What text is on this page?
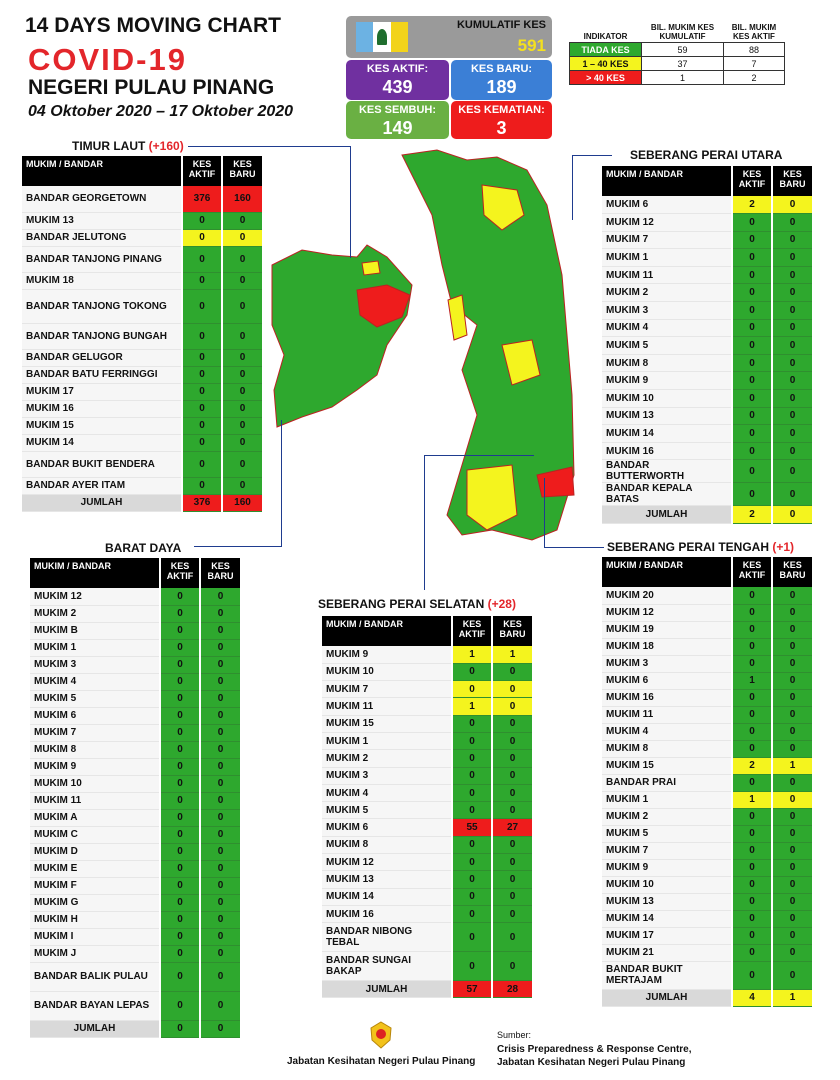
14 DAYS MOVING CHART
COVID-19
NEGERI PULAU PINANG
04 Oktober 2020 – 17 Oktober 2020
KUMULATIF KES
591
KES AKTIF:
439
KES BARU:
189
KES SEMBUH:
149
KES KEMATIAN:
3
INDIKATOR	BIL. MUKIM KES KUMULATIF	BIL. MUKIM KES AKTIF
TIADA KES	59	88
1 – 40 KES	37	7
> 40 KES	1	2
TIMUR LAUT (+160)
SEBERANG PERAI UTARA
BARAT DAYA
SEBERANG PERAI SELATAN (+28)
SEBERANG PERAI TENGAH (+1)
MUKIM / BANDAR	KES AKTIF	KES BARU
BANDAR GEORGETOWN	376	160
MUKIM 13	0	0
BANDAR JELUTONG	0	0
BANDAR TANJONG PINANG	0	0
MUKIM 18	0	0
BANDAR TANJONG TOKONG	0	0
BANDAR TANJONG BUNGAH	0	0
BANDAR GELUGOR	0	0
BANDAR BATU FERRINGGI	0	0
MUKIM 17	0	0
MUKIM 16	0	0
MUKIM 15	0	0
MUKIM 14	0	0
BANDAR BUKIT BENDERA	0	0
BANDAR AYER ITAM	0	0
JUMLAH	376	160
MUKIM / BANDAR	KES AKTIF	KES BARU
MUKIM 6	2	0
MUKIM 12	0	0
MUKIM 7	0	0
MUKIM 1	0	0
MUKIM 11	0	0
MUKIM 2	0	0
MUKIM 3	0	0
MUKIM 4	0	0
MUKIM 5	0	0
MUKIM 8	0	0
MUKIM 9	0	0
MUKIM 10	0	0
MUKIM 13	0	0
MUKIM 14	0	0
MUKIM 16	0	0
BANDAR BUTTERWORTH	0	0
BANDAR KEPALA BATAS	0	0
JUMLAH	2	0
MUKIM / BANDAR	KES AKTIF	KES BARU
MUKIM 12	0	0
MUKIM 2	0	0
MUKIM B	0	0
MUKIM 1	0	0
MUKIM 3	0	0
MUKIM 4	0	0
MUKIM 5	0	0
MUKIM 6	0	0
MUKIM 7	0	0
MUKIM 8	0	0
MUKIM 9	0	0
MUKIM 10	0	0
MUKIM 11	0	0
MUKIM A	0	0
MUKIM C	0	0
MUKIM D	0	0
MUKIM E	0	0
MUKIM F	0	0
MUKIM G	0	0
MUKIM H	0	0
MUKIM I	0	0
MUKIM J	0	0
BANDAR BALIK PULAU	0	0
BANDAR BAYAN LEPAS	0	0
JUMLAH	0	0
MUKIM / BANDAR	KES AKTIF	KES BARU
MUKIM 9	1	1
MUKIM 10	0	0
MUKIM 7	0	0
MUKIM 11	1	0
MUKIM 15	0	0
MUKIM 1	0	0
MUKIM 2	0	0
MUKIM 3	0	0
MUKIM 4	0	0
MUKIM 5	0	0
MUKIM 6	55	27
MUKIM 8	0	0
MUKIM 12	0	0
MUKIM 13	0	0
MUKIM 14	0	0
MUKIM 16	0	0
BANDAR NIBONG TEBAL	0	0
BANDAR SUNGAI BAKAP	0	0
JUMLAH	57	28
MUKIM / BANDAR	KES AKTIF	KES BARU
MUKIM 20	0	0
MUKIM 12	0	0
MUKIM 19	0	0
MUKIM 18	0	0
MUKIM 3	0	0
MUKIM 6	1	0
MUKIM 16	0	0
MUKIM 11	0	0
MUKIM 4	0	0
MUKIM 8	0	0
MUKIM 15	2	1
BANDAR PRAI	0	0
MUKIM 1	1	0
MUKIM 2	0	0
MUKIM 5	0	0
MUKIM 7	0	0
MUKIM 9	0	0
MUKIM 10	0	0
MUKIM 13	0	0
MUKIM 14	0	0
MUKIM 17	0	0
MUKIM 21	0	0
BANDAR BUKIT MERTAJAM	0	0
JUMLAH	4	1
Jabatan Kesihatan Negeri Pulau Pinang
Sumber:
Crisis Preparedness & Response Centre,
Jabatan Kesihatan Negeri Pulau Pinang
